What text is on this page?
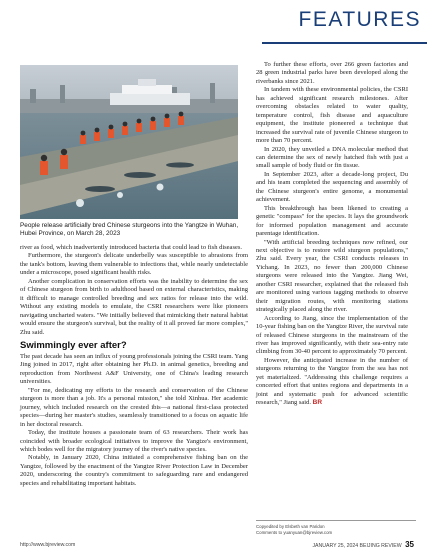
FEATURES

People release artificially bred Chinese sturgeons into the Yangtze in Wuhan, Hubei Province, on March 28, 2023

river as food, which inadvertently introduced bacteria that could lead to fish diseases.

Furthermore, the sturgeon's delicate underbelly was susceptible to abrasions from the tank's bottom, leaving them vulnerable to infections that, while nearly undetectable under a microscope, posed significant health risks.

Another complication in conservation efforts was the inability to determine the sex of Chinese sturgeon from birth to adulthood based on external characteristics, making it difficult to manage controlled breeding and sex ratios for release into the wild. Without any existing models to emulate, the CSRI researchers were like pioneers navigating uncharted waters. "We initially believed that mimicking their natural habitat would ensure the sturgeon's survival, but the reality of it all proved far more complex," Zhu said.

Swimmingly ever after?

The past decade has seen an influx of young professionals joining the CSRI team. Yang Jing joined in 2017, right after obtaining her Ph.D. in animal genetics, breeding and reproduction from Northwest A&F University, one of China's leading research universities.

"For me, dedicating my efforts to the research and conservation of the Chinese sturgeon is more than a job. It's a personal mission," she told Xinhua. Her academic journey, which included research on the crested ibis—a national first-class protected species—during her master's studies, seamlessly transitioned to a focus on aquatic life in her doctoral research.

Today, the institute houses a passionate team of 63 researchers. Their work has coincided with broader ecological initiatives to improve the Yangtze's environment, which bodes well for the migratory journey of the river's native species.

Notably, in January 2020, China initiated a comprehensive fishing ban on the Yangtze, followed by the enactment of the Yangtze River Protection Law in December 2020, underscoring the country's commitment to safeguarding rare and endangered species and rehabilitating important habitats.

To further these efforts, over 266 green factories and 28 green industrial parks have been developed along the riverbanks since 2021.

In tandem with these environmental policies, the CSRI has achieved significant research milestones. After overcoming obstacles related to water quality, temperature control, fish disease and aquaculture equipment, the institute pioneered a technique that increased the survival rate of juvenile Chinese sturgeon to more than 70 percent.

In 2020, they unveiled a DNA molecular method that can determine the sex of newly hatched fish with just a small sample of body fluid or fin tissue.

In September 2023, after a decade-long project, Du and his team completed the sequencing and assembly of the Chinese sturgeon's entire genome, a monumental achievement.

This breakthrough has been likened to creating a genetic "compass" for the species. It lays the groundwork for informed population management and accurate parentage identification.

"With artificial breeding techniques now refined, our next objective is to restore wild sturgeon populations," Zhu said. Every year, the CSRI conducts releases in Yichang. In 2023, no fewer than 200,000 Chinese sturgeons were released into the Yangtze. Jiang Wei, another CSRI researcher, explained that the released fish are monitored using various tagging methods to observe their migration routes, with monitoring stations strategically placed along the river.

According to Jiang, since the implementation of the 10-year fishing ban on the Yangtze River, the survival rate of released Chinese sturgeons in the mainstream of the river has improved significantly, with their sea-entry rate climbing from 30-40 percent to approximately 70 percent.

However, the anticipated increase in the number of sturgeons returning to the Yangtze from the sea has not yet materialized. "Addressing this challenge requires a concerted effort that unites regions and departments in a joint and systematic push for advanced scientific research," Jiang said. BR

Copyedited by Elsbeth van Paridon
Comments to yuanyuan@bjreview.com
http://www.bjreview.com	JANUARY 25, 2024 BEIJING REVIEW 35
